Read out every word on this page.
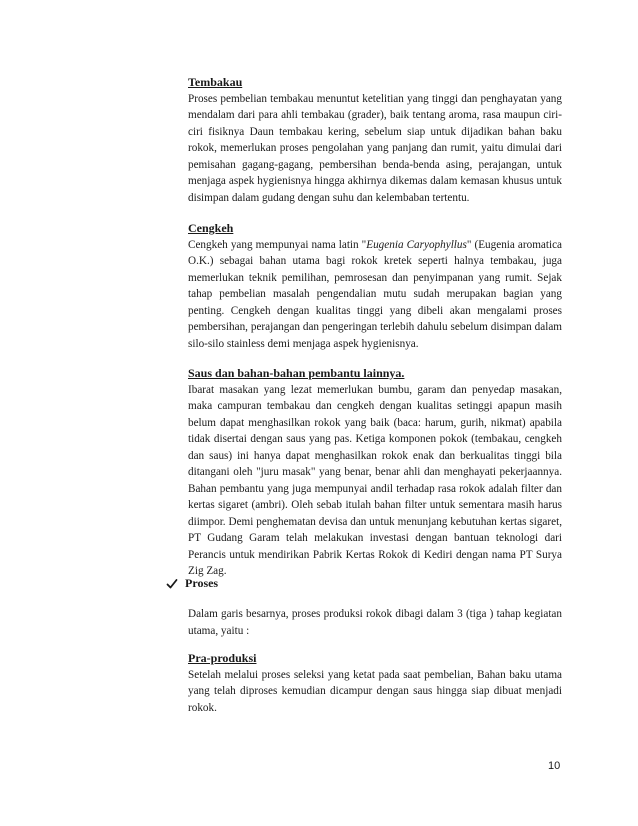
Tembakau

Proses pembelian tembakau menuntut ketelitian yang tinggi dan penghayatan yang mendalam dari para ahli tembakau (grader), baik tentang aroma, rasa maupun ciri-ciri fisiknya Daun tembakau kering, sebelum siap untuk dijadikan bahan baku rokok, memerlukan proses pengolahan yang panjang dan rumit, yaitu dimulai dari pemisahan gagang-gagang, pembersihan benda-benda asing, perajangan, untuk menjaga aspek hygienisnya hingga akhirnya dikemas dalam kemasan khusus untuk disimpan dalam gudang dengan suhu dan kelembaban tertentu.

Cengkeh

Cengkeh yang mempunyai nama latin "Eugenia Caryophyllus" (Eugenia aromatica O.K.) sebagai bahan utama bagi rokok kretek seperti halnya tembakau, juga memerlukan teknik pemilihan, pemrosesan dan penyimpanan yang rumit. Sejak tahap pembelian masalah pengendalian mutu sudah merupakan bagian yang penting. Cengkeh dengan kualitas tinggi yang dibeli akan mengalami proses pembersihan, perajangan dan pengeringan terlebih dahulu sebelum disimpan dalam silo-silo stainless demi menjaga aspek hygienisnya.

Saus dan bahan-bahan pembantu lainnya.

Ibarat masakan yang lezat memerlukan bumbu, garam dan penyedap masakan, maka campuran tembakau dan cengkeh dengan kualitas setinggi apapun masih belum dapat menghasilkan rokok yang baik (baca: harum, gurih, nikmat) apabila tidak disertai dengan saus yang pas. Ketiga komponen pokok (tembakau, cengkeh dan saus) ini hanya dapat menghasilkan rokok enak dan berkualitas tinggi bila ditangani oleh "juru masak" yang benar, benar ahli dan menghayati pekerjaannya. Bahan pembantu yang juga mempunyai andil terhadap rasa rokok adalah filter dan kertas sigaret (ambri). Oleh sebab itulah bahan filter untuk sementara masih harus diimpor. Demi penghematan devisa dan untuk menunjang kebutuhan kertas sigaret, PT Gudang Garam telah melakukan investasi dengan bantuan teknologi dari Perancis untuk mendirikan Pabrik Kertas Rokok di Kediri dengan nama PT Surya Zig Zag.

Proses

Dalam garis besarnya, proses produksi rokok dibagi dalam 3 (tiga ) tahap kegiatan utama, yaitu :

Pra-produksi

Setelah melalui proses seleksi yang ketat pada saat pembelian, Bahan baku utama yang telah diproses kemudian dicampur dengan saus hingga siap dibuat menjadi rokok.

10
